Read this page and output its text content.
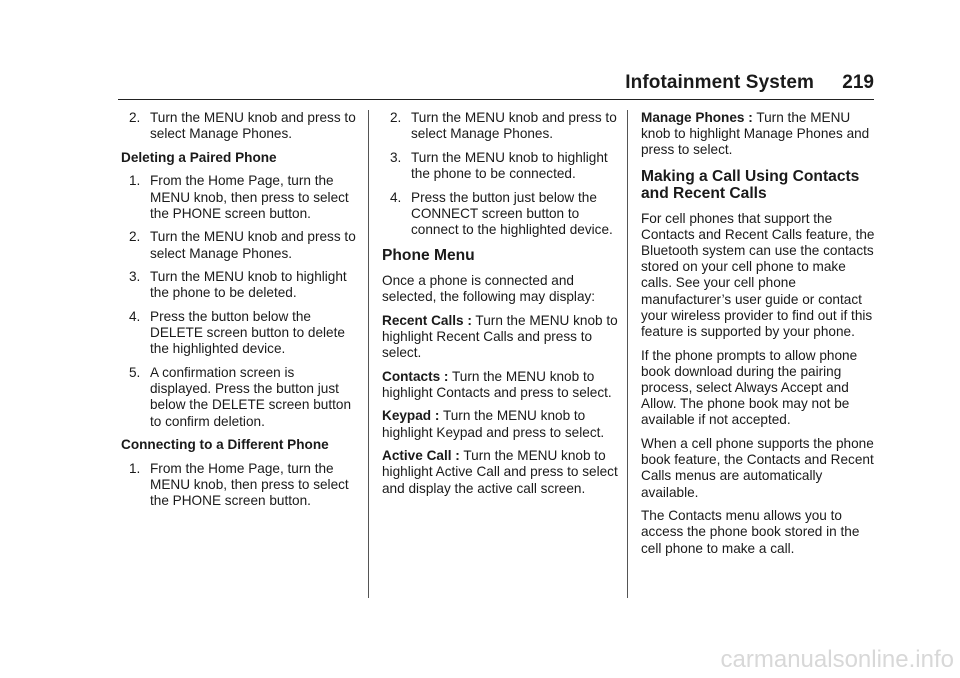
Infotainment System 219
2. Turn the MENU knob and press to select Manage Phones.

Deleting a Paired Phone

1. From the Home Page, turn the MENU knob, then press to select the PHONE screen button.
2. Turn the MENU knob and press to select Manage Phones.
3. Turn the MENU knob to highlight the phone to be deleted.
4. Press the button below the DELETE screen button to delete the highlighted device.
5. A confirmation screen is displayed. Press the button just below the DELETE screen button to confirm deletion.

Connecting to a Different Phone

1. From the Home Page, turn the MENU knob, then press to select the PHONE screen button.
2. Turn the MENU knob and press to select Manage Phones.
3. Turn the MENU knob to highlight the phone to be connected.
4. Press the button just below the CONNECT screen button to connect to the highlighted device.
Phone Menu

Once a phone is connected and selected, the following may display:

Recent Calls : Turn the MENU knob to highlight Recent Calls and press to select.

Contacts : Turn the MENU knob to highlight Contacts and press to select.

Keypad : Turn the MENU knob to highlight Keypad and press to select.

Active Call : Turn the MENU knob to highlight Active Call and press to select and display the active call screen.

Manage Phones : Turn the MENU knob to highlight Manage Phones and press to select.

Making a Call Using Contacts and Recent Calls

For cell phones that support the Contacts and Recent Calls feature, the Bluetooth system can use the contacts stored on your cell phone to make calls. See your cell phone manufacturer’s user guide or contact your wireless provider to find out if this feature is supported by your phone.

If the phone prompts to allow phone book download during the pairing process, select Always Accept and Allow. The phone book may not be available if not accepted.

When a cell phone supports the phone book feature, the Contacts and Recent Calls menus are automatically available.

The Contacts menu allows you to access the phone book stored in the cell phone to make a call.

carmanualsonline.info
